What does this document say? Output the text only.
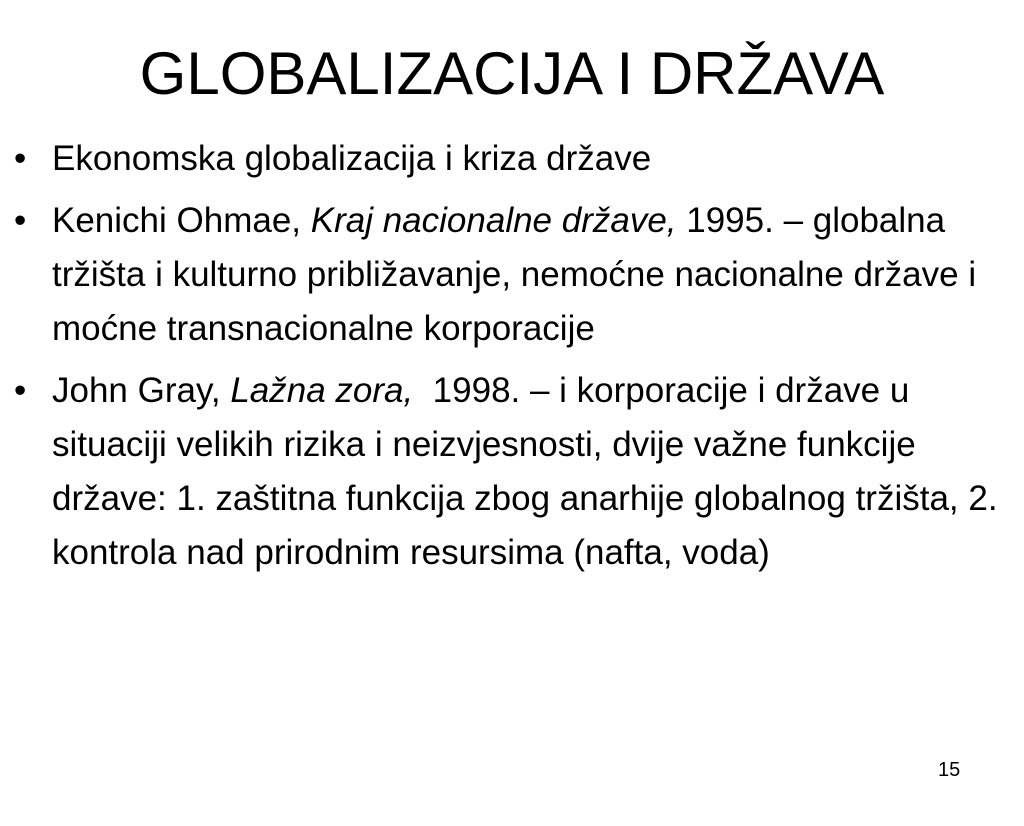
GLOBALIZACIJA I DRŽAVA
• Ekonomska globalizacija i kriza države
• Kenichi Ohmae, Kraj nacionalne države, 1995. – globalna tržišta i kulturno približavanje, nemoćne nacionalne države i moćne transnacionalne korporacije
• John Gray, Lažna zora,  1998. – i korporacije i države u situaciji velikih rizika i neizvjesnosti, dvije važne funkcije države: 1. zaštitna funkcija zbog anarhije globalnog tržišta, 2. kontrola nad prirodnim resursima (nafta, voda)
15
